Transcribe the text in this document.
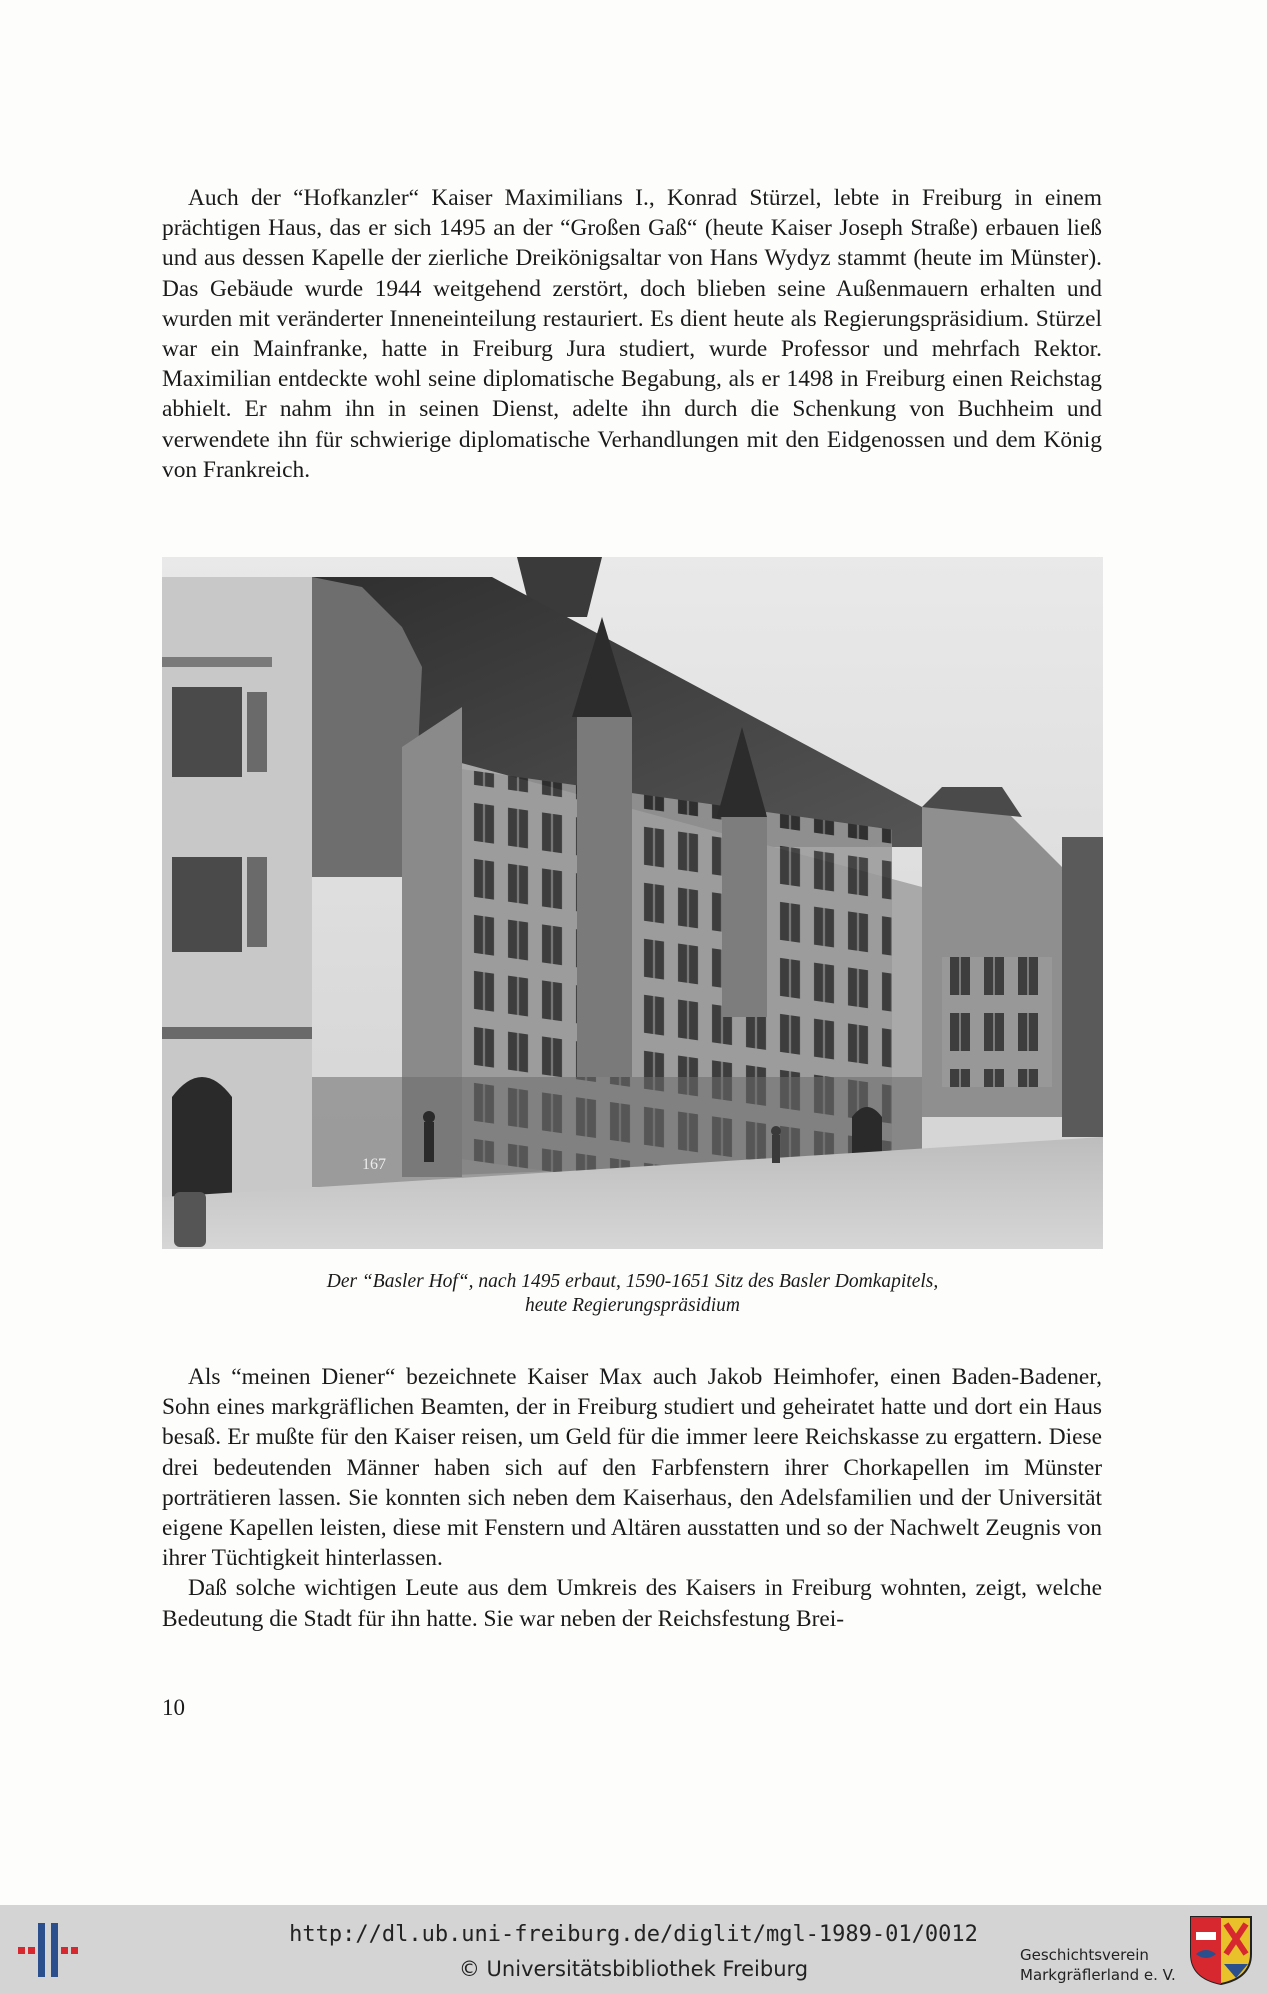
Auch der “Hofkanzler“ Kaiser Maximilians I., Konrad Stürzel, lebte in Freiburg in einem prächtigen Haus, das er sich 1495 an der “Großen Gaß“ (heute Kaiser Joseph Straße) erbauen ließ und aus dessen Kapelle der zierliche Dreikönigsaltar von Hans Wydyz stammt (heute im Münster). Das Gebäude wurde 1944 weitgehend zerstört, doch blieben seine Außenmauern erhalten und wurden mit veränderter Inneneinteilung restauriert. Es dient heute als Regierungspräsidium. Stürzel war ein Mainfranke, hatte in Freiburg Jura studiert, wurde Professor und mehrfach Rektor. Maximilian entdeckte wohl seine diplomatische Begabung, als er 1498 in Freiburg einen Reichstag abhielt. Er nahm ihn in seinen Dienst, adelte ihn durch die Schenkung von Buchheim und verwendete ihn für schwierige diplomatische Verhandlungen mit den Eidgenossen und dem König von Frankreich.

167
Der “Basler Hof“, nach 1495 erbaut, 1590-1651 Sitz des Basler Domkapitels,
heute Regierungspräsidium

Als “meinen Diener“ bezeichnete Kaiser Max auch Jakob Heimhofer, einen Baden-Badener, Sohn eines markgräflichen Beamten, der in Freiburg studiert und geheiratet hatte und dort ein Haus besaß. Er mußte für den Kaiser reisen, um Geld für die immer leere Reichskasse zu ergattern. Diese drei bedeutenden Männer haben sich auf den Farbfenstern ihrer Chorkapellen im Münster porträtieren lassen. Sie konnten sich neben dem Kaiserhaus, den Adelsfamilien und der Universität eigene Kapellen leisten, diese mit Fenstern und Altären ausstatten und so der Nachwelt Zeugnis von ihrer Tüchtigkeit hinterlassen.

Daß solche wichtigen Leute aus dem Umkreis des Kaisers in Freiburg wohnten, zeigt, welche Bedeutung die Stadt für ihn hatte. Sie war neben der Reichsfestung Brei-

10
http://dl.ub.uni-freiburg.de/diglit/mgl-1989-01/0012
© Universitätsbibliothek Freiburg
Geschichtsverein
Markgräflerland e. V.
